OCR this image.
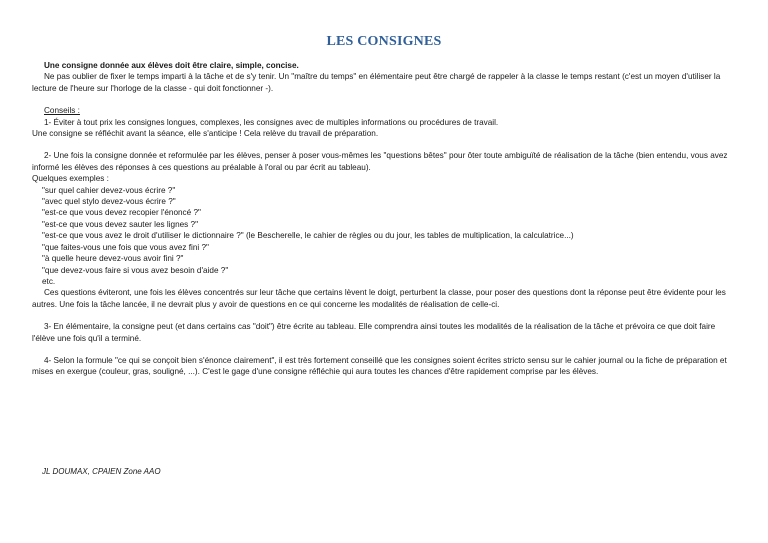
LES CONSIGNES
Une consigne donnée aux élèves doit être claire, simple, concise.
Ne pas oublier de fixer le temps imparti à la tâche et de s'y tenir. Un "maître du temps" en élémentaire peut être chargé de rappeler à la classe le temps restant (c'est un moyen d'utiliser la lecture de l'heure sur l'horloge de la classe - qui doit fonctionner -).
Conseils :
1- Éviter à tout prix les consignes longues, complexes, les consignes avec de multiples informations ou procédures de travail.
Une consigne se réfléchit avant la séance, elle s'anticipe ! Cela relève du travail de préparation.
2- Une fois la consigne donnée et reformulée par les élèves, penser à poser vous-mêmes les "questions bêtes" pour ôter toute ambiguïté de réalisation de la tâche (bien entendu, vous avez informé les élèves des réponses à ces questions au préalable à l'oral ou par écrit au tableau).
Quelques exemples :
"sur quel cahier devez-vous écrire ?"
"avec quel stylo devez-vous écrire ?"
"est-ce que vous devez recopier l'énoncé ?"
"est-ce que vous devez sauter les lignes ?"
"est-ce que vous avez le droit d'utiliser le dictionnaire ?" (le Bescherelle, le cahier de règles ou du jour, les tables de multiplication, la calculatrice...)
"que faites-vous une fois que vous avez fini ?"
"à quelle heure devez-vous avoir fini ?"
"que devez-vous faire si vous avez besoin d'aide ?"
etc.
Ces questions éviteront, une fois les élèves concentrés sur leur tâche que certains lèvent le doigt, perturbent la classe, pour poser des questions dont la réponse peut être évidente pour les autres. Une fois la tâche lancée, il ne devrait plus y avoir de questions en ce qui concerne les modalités de réalisation de celle-ci.
3- En élémentaire, la consigne peut (et dans certains cas "doit") être écrite au tableau. Elle comprendra ainsi toutes les modalités de la réalisation de la tâche et prévoira ce que doit faire l'élève une fois qu'il a terminé.
4- Selon la formule "ce qui se conçoit bien s'énonce clairement", il est très fortement conseillé que les consignes soient écrites stricto sensu sur le cahier journal ou la fiche de préparation et mises en exergue (couleur, gras, souligné, ...). C'est le gage d'une consigne réfléchie qui aura toutes les chances d'être rapidement comprise par les élèves.
JL DOUMAX, CPAIEN Zone AAO
